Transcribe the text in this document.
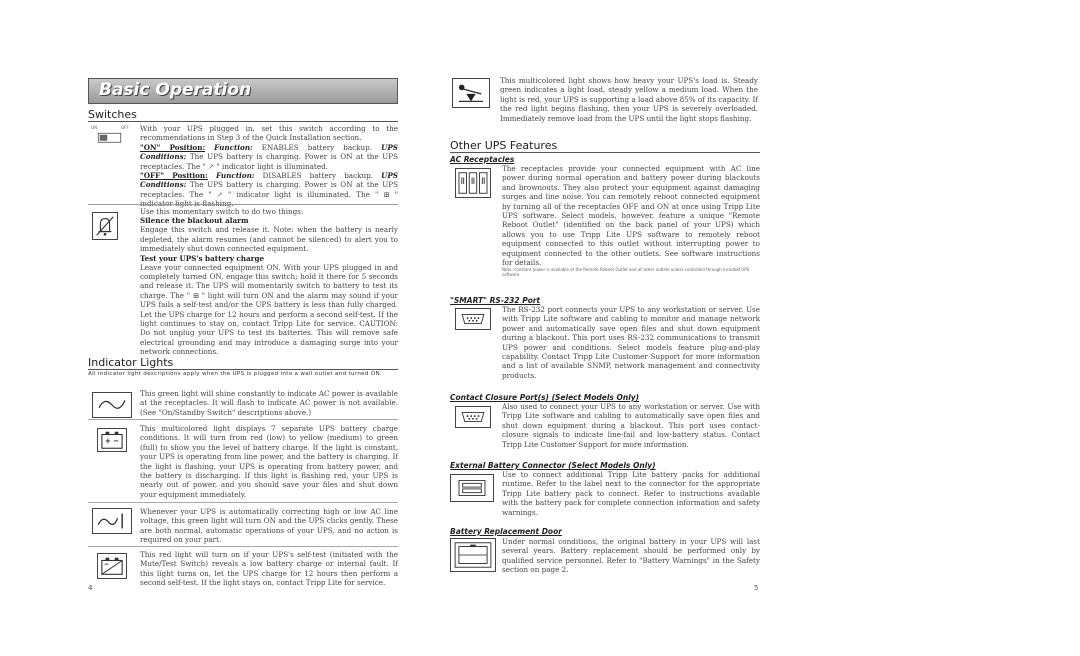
Basic Operation
Switches
ON	OFF With your UPS plugged in, set this switch according to the recommendations in Step 3 of the Quick Installation section.

"ON" Position: Function: ENABLES battery backup. UPS Conditions: The UPS battery is charging. Power is ON at the UPS receptacles. The " ↗ " indicator light is illuminated.

"OFF" Position: Function: DISABLES battery backup. UPS Conditions: The UPS battery is charging. Power is ON at the UPS receptacles. The " ↗ " indicator light is illuminated. The " ⊞ "

Use this momentary switch to do two things:

Silence the blackout alarm

Engage this switch and release it. Note: when the battery is nearly depleted, the alarm resumes (and cannot be silenced) to alert you to immediately shut down connected equipment.

Test your UPS's battery charge

Leave your connected equipment ON. With your UPS plugged in and completely turned ON, engage this switch; hold it there for 5 seconds and release it. The UPS will momentarily switch to battery to test its charge. The " ⊞ " light will turn ON and the alarm may sound if your UPS fails a self-test and/or the UPS battery is less than fully charged. Let the UPS charge for 12 hours and perform a second self-test. If the light continues to stay on, contact Tripp Lite for service. CAUTION: Do not unplug your UPS to test its batteries. This will remove safe electrical grounding and may introduce a damaging surge into your network connections.

Indicator Lights
All indicator light descriptions apply when the UPS is plugged into a wall outlet and turned ON.

This green light will shine constantly to indicate AC power is available at the receptacles. It will flash to indicate AC power is not available. (See "On/Standby Switch" descriptions above.)

This multicolored light displays 7 separate UPS battery charge conditions. It will turn from red (low) to yellow (medium) to green (full) to show you the level of battery charge. If the light is constant, your UPS is operating from line power, and the battery is charging. If the light is flashing, your UPS is operating from battery power, and the battery is discharging. If this light is flashing red, your UPS is nearly out of power, and you should save your files and shut down your equipment immediately.

Whenever your UPS is automatically correcting high or low AC line voltage, this green light will turn ON and the UPS clicks gently. These are both normal, automatic operations of your UPS, and no action is required on your part.

This red light will turn on if your UPS's self-test (initiated with the Mute/Test Switch) reveals a low battery charge or internal fault. If this light turns on, let the UPS charge for 12 hours then perform a second self-test. If the light stays on, contact Tripp Lite for service.

4

This multicolored light shows how heavy your UPS's load is. Steady green indicates a light load, steady yellow a medium load. When the light is red, your UPS is supporting a load above 85% of its capacity. If the red light begins flashing, then your UPS is severely overloaded. Immediately remove load from the UPS until the light stops flashing.

Other UPS Features
AC Receptacles

The receptacles provide your connected equipment with AC line power during normal operation and battery power during blackouts and brownouts. They also protect your equipment against damaging surges and line noise. You can remotely reboot connected equipment by turning all of the receptacles OFF and ON at once using Tripp Lite UPS software. Select models, however, feature a unique "Remote Reboot Outlet" (identified on the back panel of your UPS) which allows you to use Tripp Lite UPS software to remotely reboot equipment connected to this outlet without interrupting power to equipment connected to the other outlets. See software instructions for details.

Note: constant power is available at the Remote Reboot Outlet and all other outlets unless controlled through included UPS software.
"SMART" RS-232 Port

The RS-232 port connects your UPS to any workstation or server. Use with Tripp Lite software and cabling to monitor and manage network power and automatically save open files and shut down equipment during a blackout. This port uses RS-232 communications to transmit UPS power and conditions. Select models feature plug-and-play capability. Contact Tripp Lite Customer Support for more information and a list of available SNMP, network management and connectivity products.

Contact Closure Port(s) (Select Models Only)

Also used to connect your UPS to any workstation or server. Use with Tripp Lite software and cabling to automatically save open files and shut down equipment during a blackout. This port uses contact-closure signals to indicate line-fail and low-battery status. Contact Tripp Lite Customer Support for more information.

External Battery Connector (Select Models Only)

Use to connect additional Tripp Lite battery packs for additional runtime. Refer to the label next to the connector for the appropriate Tripp Lite battery pack to connect. Refer to instructions available with the battery pack for complete connection information and safety warnings.

Battery Replacement Door

Under normal conditions, the original battery in your UPS will last several years. Battery replacement should be performed only by qualified service personnel. Refer to "Battery Warnings" in the Safety section on page 2.

5
